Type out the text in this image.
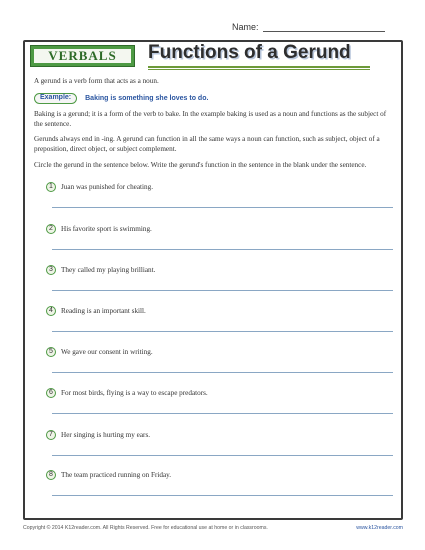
Name:
VERBALS Functions of a Gerund
A gerund is a verb form that acts as a noun.
Example:	Baking is something she loves to do.
Baking is a gerund; it is a form of the verb to bake. In the example baking is used as a noun and functions as the subject of the sentence.
Gerunds always end in -ing. A gerund can function in all the same ways a noun can function, such as subject, object of a preposition, direct object, or subject complement.
Circle the gerund in the sentence below. Write the gerund's function in the sentence in the blank under the sentence.
1	Juan was punished for cheating.
2	His favorite sport is swimming.
3	They called my playing brilliant.
4	Reading is an important skill.
5	We gave our consent in writing.
6	For most birds, flying is a way to escape predators.
7	Her singing is hurting my ears.
8	The team practiced running on Friday.
Copyright © 2014 K12reader.com. All Rights Reserved. Free for educational use at home or in classrooms.	www.k12reader.com
